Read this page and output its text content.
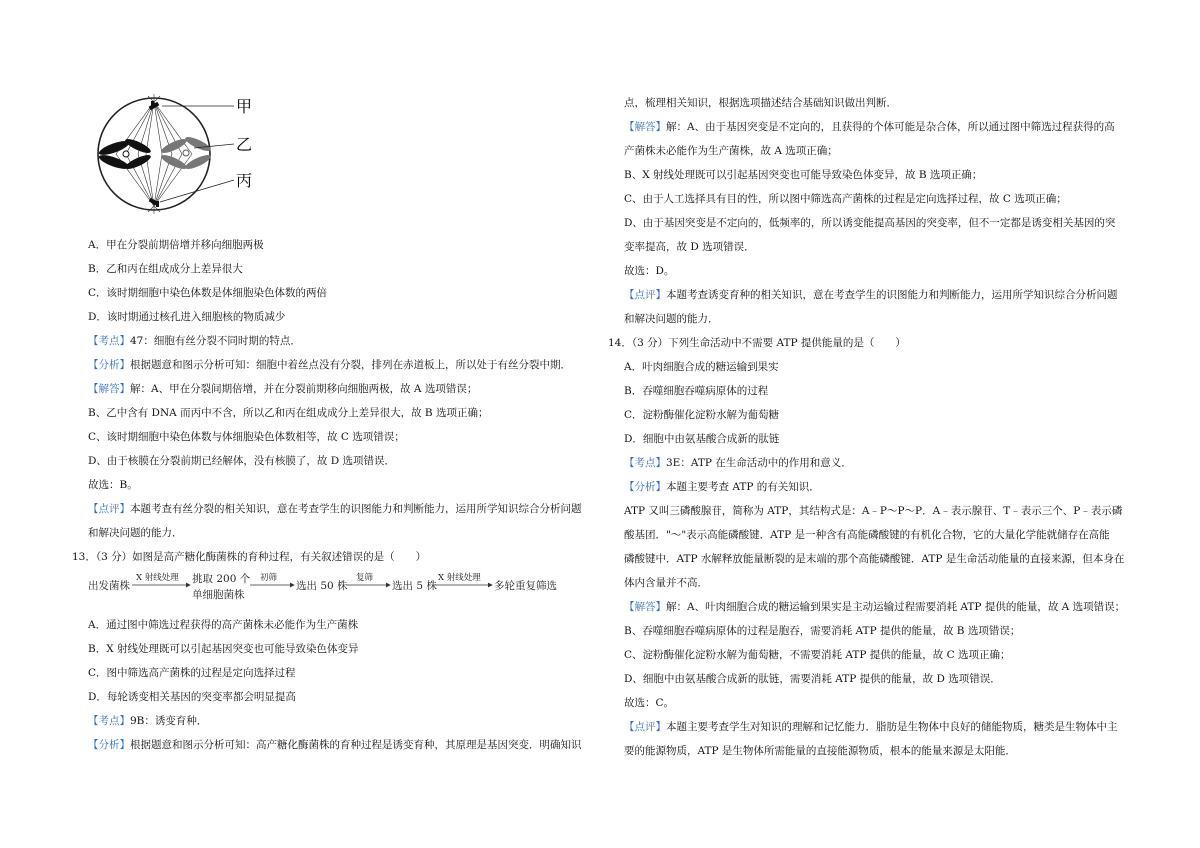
甲
乙
丙
A．甲在分裂前期倍增并移向细胞两极
B．乙和丙在组成成分上差异很大
C．该时期细胞中染色体数是体细胞染色体数的两倍
D．该时期通过核孔进入细胞核的物质减少
【考点】47：细胞有丝分裂不同时期的特点．
【分析】根据题意和图示分析可知：细胞中着丝点没有分裂，排列在赤道板上，所以处于有丝分裂中期．
【解答】解：A、甲在分裂间期倍增，并在分裂前期移向细胞两极，故 A 选项错误；
B、乙中含有 DNA 而丙中不含，所以乙和丙在组成成分上差异很大，故 B 选项正确；
C、该时期细胞中染色体数与体细胞染色体数相等，故 C 选项错误；
D、由于核膜在分裂前期已经解体，没有核膜了，故 D 选项错误．
故选：B。
【点评】本题考查有丝分裂的相关知识，意在考查学生的识图能力和判断能力，运用所学知识综合分析问题
和解决问题的能力．
13．（3 分）如图是高产糖化酶菌株的育种过程，有关叙述错误的是（　　）
出发菌株
X 射线处理 挑取 200 个
单细胞菌株
初筛
选出 50 株
复筛
选出 5 株
X 射线处理
多轮重复筛选
A．通过图中筛选过程获得的高产菌株未必能作为生产菌株
B．X 射线处理既可以引起基因突变也可能导致染色体变异
C．图中筛选高产菌株的过程是定向选择过程
D．每轮诱变相关基因的突变率都会明显提高
【考点】9B：诱变育种．
【分析】根据题意和图示分析可知：高产糖化酶菌株的育种过程是诱变育种，其原理是基因突变．明确知识
点，梳理相关知识，根据选项描述结合基础知识做出判断．
【解答】解：A、由于基因突变是不定向的，且获得的个体可能是杂合体，所以通过图中筛选过程获得的高
产菌株未必能作为生产菌株，故 A 选项正确；
B、X 射线处理既可以引起基因突变也可能导致染色体变异，故 B 选项正确；
C、由于人工选择具有目的性，所以图中筛选高产菌株的过程是定向选择过程，故 C 选项正确；
D、由于基因突变是不定向的，低频率的，所以诱变能提高基因的突变率，但不一定都是诱变相关基因的突
变率提高，故 D 选项错误．
故选：D。
【点评】本题考查诱变育种的相关知识，意在考查学生的识图能力和判断能力，运用所学知识综合分析问题
和解决问题的能力．
14．（3 分）下列生命活动中不需要 ATP 提供能量的是（　　）
A．叶肉细胞合成的糖运输到果实
B．吞噬细胞吞噬病原体的过程
C．淀粉酶催化淀粉水解为葡萄糖
D．细胞中由氨基酸合成新的肽链
【考点】3E：ATP 在生命活动中的作用和意义．
【分析】本题主要考查 ATP 的有关知识．
ATP 又叫三磷酸腺苷，简称为 ATP，其结构式是：A﹣P～P～P．A﹣表示腺苷、T﹣表示三个、P﹣表示磷
酸基团．"～"表示高能磷酸键．ATP 是一种含有高能磷酸键的有机化合物，它的大量化学能就储存在高能
磷酸键中．ATP 水解释放能量断裂的是末端的那个高能磷酸键．ATP 是生命活动能量的直接来源，但本身在
体内含量并不高．
【解答】解：A、叶肉细胞合成的糖运输到果实是主动运输过程需要消耗 ATP 提供的能量，故 A 选项错误；
B、吞噬细胞吞噬病原体的过程是胞吞，需要消耗 ATP 提供的能量，故 B 选项错误；
C、淀粉酶催化淀粉水解为葡萄糖，不需要消耗 ATP 提供的能量，故 C 选项正确；
D、细胞中由氨基酸合成新的肽链，需要消耗 ATP 提供的能量，故 D 选项错误．
故选：C。
【点评】本题主要考查学生对知识的理解和记忆能力．脂肪是生物体中良好的储能物质，糖类是生物体中主
要的能源物质，ATP 是生物体所需能量的直接能源物质，根本的能量来源是太阳能．
